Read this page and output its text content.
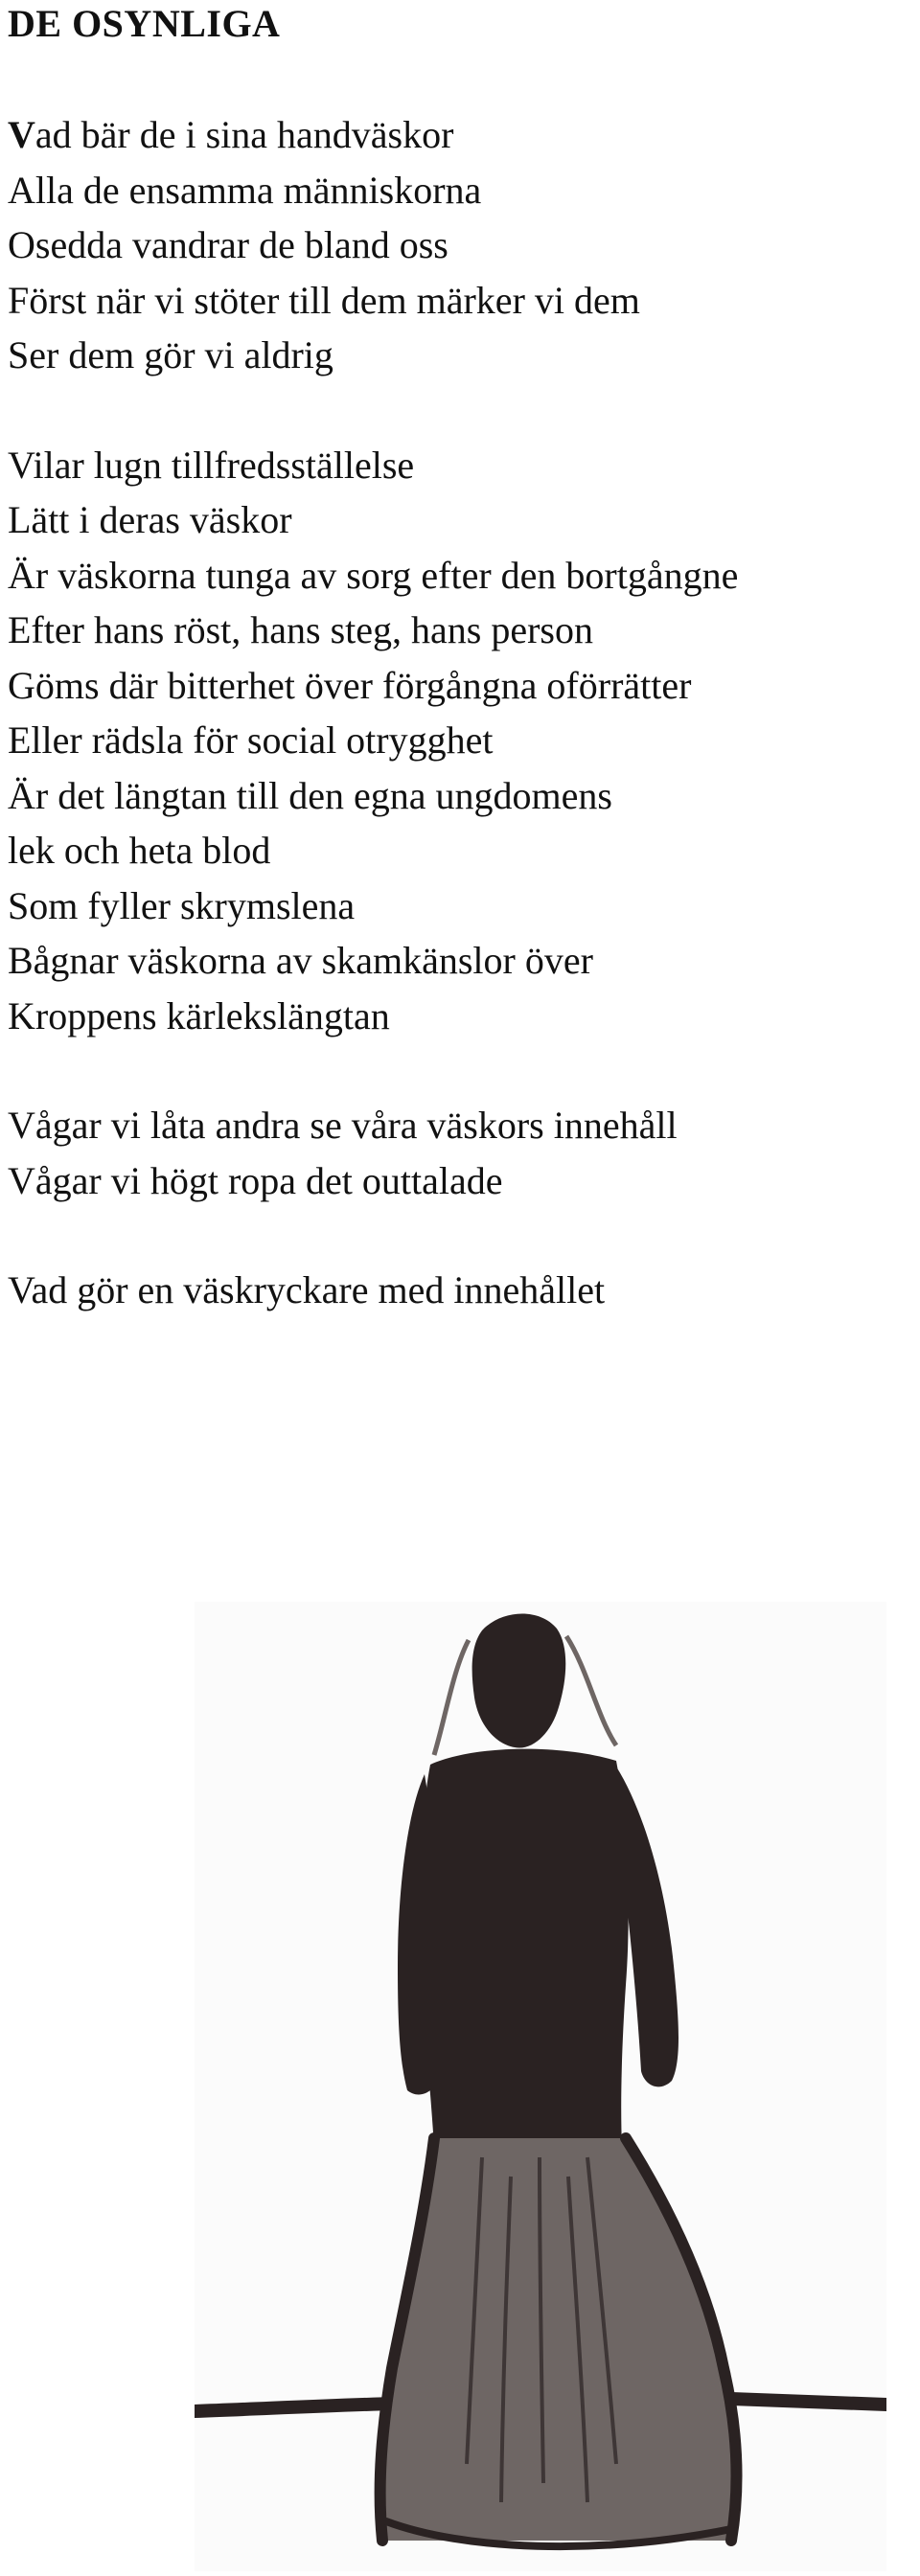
DE OSYNLIGA
Vad bär de i sina handväskor
Alla de ensamma människorna
Osedda vandrar de bland oss
Först när vi stöter till dem märker vi dem
Ser dem gör vi aldrig
Vilar lugn tillfredsställelse
Lätt i deras väskor
Är väskorna tunga av sorg efter den bortgångne
Efter hans röst, hans steg, hans person
Göms där bitterhet över förgångna oförrätter
Eller rädsla för social otrygghet
Är det längtan till den egna ungdomens
lek och heta blod
Som fyller skrymslena
Bågnar väskorna av skamkänslor över
Kroppens kärlekslängtan
Vågar vi låta andra se våra väskors innehåll
Vågar vi högt ropa det outtalade
Vad gör en väskryckare med innehållet
